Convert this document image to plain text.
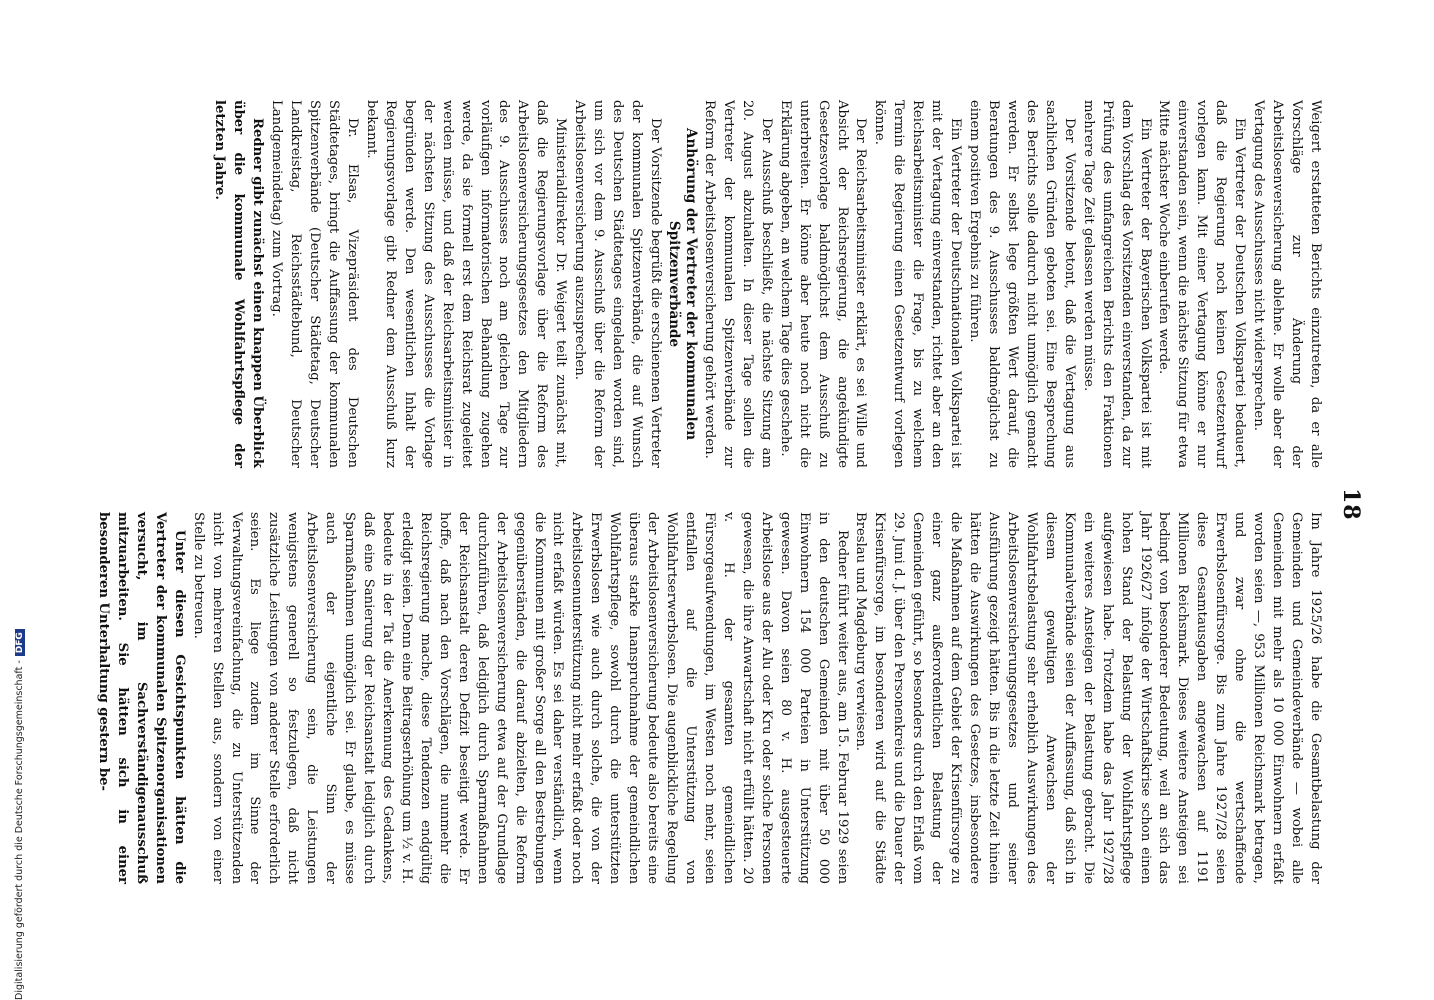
18

Weigert erstatteten Berichts einzutreten, da er alle Vorschläge zur Änderung der Arbeitslosenversicherung ablehne. Er wolle aber der Vertagung des Ausschusses nicht widersprechen.

Ein Vertreter der Deutschen Volkspartei bedauert, daß die Regierung noch keinen Gesetzentwurf vorlegen kann. Mit einer Vertagung könne er nur einverstanden sein, wenn die nächste Sitzung für etwa Mitte nächster Woche einberufen werde.

Ein Vertreter der Bayerischen Volkspartei ist mit dem Vorschlag des Vorsitzenden einverstanden, da zur Prüfung des umfangreichen Berichts den Fraktionen mehrere Tage Zeit gelassen werden müsse.

Der Vorsitzende betont, daß die Vertagung aus sachlichen Gründen geboten sei. Eine Besprechung des Berichts solle dadurch nicht unmöglich gemacht werden. Er selbst lege größten Wert darauf, die Beratungen des 9. Ausschusses baldmöglichst zu einem positiven Ergebnis zu führen.

Ein Vertreter der Deutschnationalen Volkspartei ist mit der Vertagung einverstanden, richtet aber an den Reichsarbeitsminister die Frage, bis zu welchem Termin die Regierung einen Gesetzentwurf vorlegen könne.

Der Reichsarbeitsminister erklärt, es sei Wille und Absicht der Reichsregierung, die angekündigte Gesetzesvorlage baldmöglichst dem Ausschuß zu unterbreiten. Er könne aber heute noch nicht die Erklärung abgeben, an welchem Tage dies geschehe.

Der Ausschuß beschließt, die nächste Sitzung am 20. August abzuhalten. In dieser Tage sollen die Vertreter der kommunalen Spitzenverbände zur Reform der Arbeitslosenversicherung gehört werden.

Anhörung der Vertreter der kommunalen Spitzenverbände

Der Vorsitzende begrüßt die erschienenen Vertreter der kommunalen Spitzenverbände, die auf Wunsch des Deutschen Städtetages eingeladen worden sind, um sich vor dem 9. Ausschuß über die Reform der Arbeitslosenversicherung auszusprechen.

Ministerialdirektor Dr. Weigert teilt zunächst mit, daß die Regierungsvorlage über die Reform des Arbeitslosenversicherungsgesetzes den Mitgliedern des 9. Ausschusses noch am gleichen Tage zur vorläufigen informatorischen Behandlung zugehen werde, da sie formell erst dem Reichsrat zugeleitet werden müsse, und daß der Reichsarbeitsminister in der nächsten Sitzung des Ausschusses die Vorlage begründen werde. Den wesentlichen Inhalt der Regierungsvorlage gibt Redner dem Ausschuß kurz bekannt.

Dr. Elsas, Vizepräsident des Deutschen Städtetages, bringt die Auffassung der kommunalen Spitzenverbände (Deutscher Städtetag, Deutscher Landkreistag, Reichsstädtebund, Deutscher Landgemeindetag) zum Vortrag.

Redner gibt zunächst einen knappen Überblick über die kommunale Wohlfahrtspflege der letzten Jahre.

Im Jahre 1925/26 habe die Gesamtbelastung der Gemeinden und Gemeindeverbände — wobei alle Gemeinden mit mehr als 10 000 Einwohnern erfaßt worden seien —, 953 Millionen Reichsmark betragen, und zwar ohne die wertschaffende Erwerbslosenfürsorge. Bis zum Jahre 1927/28 seien diese Gesamtausgaben angewachsen auf 1191 Millionen Reichsmark. Dieses weitere Ansteigen sei bedingt von besonderer Bedeutung, weil an sich das Jahr 1926/27 infolge der Wirtschaftskrise schon einen hohen Stand der Belastung der Wohlfahrtspflege aufgewiesen habe. Trotzdem habe das Jahr 1927/28 ein weiteres Ansteigen der Belastung gebracht. Die Kommunalverbände seien der Auffassung, daß sich in diesem gewaltigen Anwachsen der Wohlfahrtsbelastung sehr erheblich Auswirkungen des Arbeitslosenversicherungsgesetzes und seiner Ausführung gezeigt hätten. Bis in die letzte Zeit hinein hätten die Auswirkungen des Gesetzes, insbesondere die Maßnahmen auf dem Gebiet der Krisenfürsorge zu einer ganz außerordentlichen Belastung der Gemeinden geführt, so besonders durch den Erlaß vom 29. Juni d. J. über den Personenkreis und die Dauer der Krisenfürsorge, im besonderen wird auf die Städte Breslau und Magdeburg verwiesen.

Redner führt weiter aus, am 15. Februar 1929 seien in den deutschen Gemeinden mit über 50 000 Einwohnern 154 000 Parteien in Unterstützung gewesen. Davon seien 80 v. H. ausgesteuerte Arbeitslose aus der Alu oder Kru oder solche Personen gewesen, die ihre Anwartschaft nicht erfüllt hätten. 20 v. H. der gesamten gemeindlichen Fürsorgeaufwendungen, im Westen noch mehr, seien entfallen auf die Unterstützung von Wohlfahrtserwerbslosen. Die augenblickliche Regelung der Arbeitslosenversicherung bedeute also bereits eine überaus starke Inanspruchnahme der gemeindlichen Wohlfahrtspflege, sowohl durch die unterstützten Erwerbslosen wie auch durch solche, die von der Arbeitslosenunterstützung nicht mehr erfaßt oder noch nicht erfaßt würden. Es sei daher verständlich, wenn die Kommunen mit großer Sorge all den Bestrebungen gegenüberständen, die darauf abzielten, die Reform der Arbeitslosenversicherung etwa auf der Grundlage durchzuführen, daß lediglich durch Sparmaßnahmen der Reichsanstalt deren Defizit beseitigt werde. Er hoffe, daß nach den Vorschlägen, die nunmehr die Reichsregierung mache, diese Tendenzen endgültig erledigt seien. Denn eine Beitragserhöhung um ½ v. H. bedeute in der Tat die Anerkennung des Gedankens, daß eine Sanierung der Reichsanstalt lediglich durch Sparmaßnahmen unmöglich sei. Er glaube, es müsse auch der eigentliche Sinn der Arbeitslosenversicherung sein, die Leistungen wenigstens generell so festzulegen, daß nicht zusätzliche Leistungen von anderer Stelle erforderlich seien. Es liege zudem im Sinne der Verwaltungsvereinfachung, die zu Unterstützenden nicht von mehreren Stellen aus, sondern von einer Stelle zu betreuen.

Unter diesen Gesichtspunkten hätten die Vertreter der kommunalen Spitzenorganisationen versucht, im Sachverständigenausschuß mitzuarbeiten. Sie hätten sich in einer besonderen Unterhaltung gestern be-

Digitalisierung gefördert durch die Deutsche Forschungsgemeinschaft -DFG
